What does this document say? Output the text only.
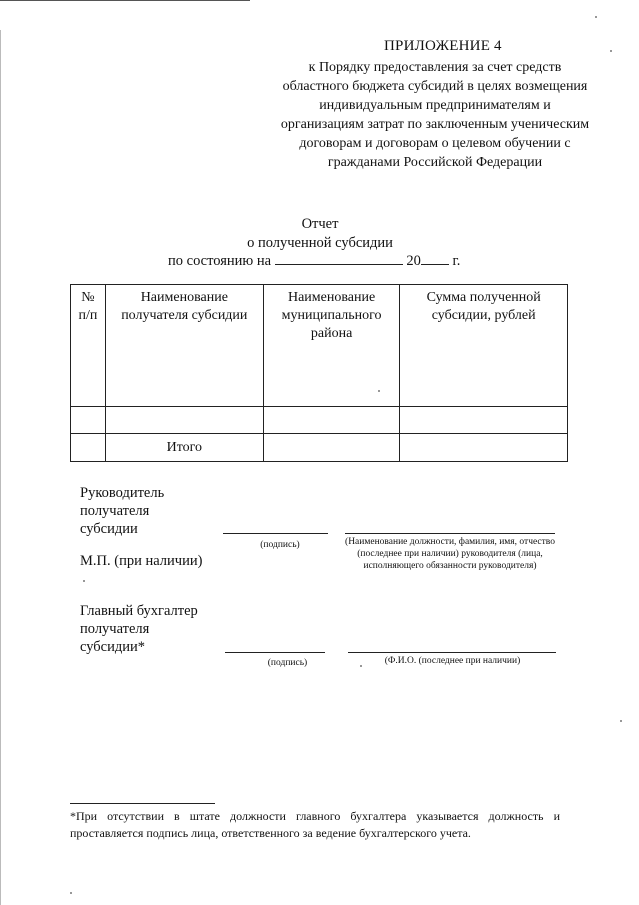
ПРИЛОЖЕНИЕ 4
к Порядку предоставления за счет средств областного бюджета субсидий в целях возмещения индивидуальным предпринимателям и организациям затрат по заключенным ученическим договорам и договорам о целевом обучении с гражданами Российской Федерации
Отчет
о полученной субсидии
по состоянию на	20 г.
№ п/п	Наименование получателя субсидии	Наименование муниципального района	Сумма полученной субсидии, рублей

	Итого		
Руководитель
получателя
субсидии
(подпись)	(Наименование должности, фамилия, имя, отчество (последнее при наличии) руководителя (лица, исполняющего обязанности руководителя)
М.П. (при наличии)
Главный бухгалтер
получателя
субсидии*
(подпись)	(Ф.И.О. (последнее при наличии)
*При отсутствии в штате должности главного бухгалтера указывается должность и проставляется подпись лица, ответственного за ведение бухгалтерского учета.
